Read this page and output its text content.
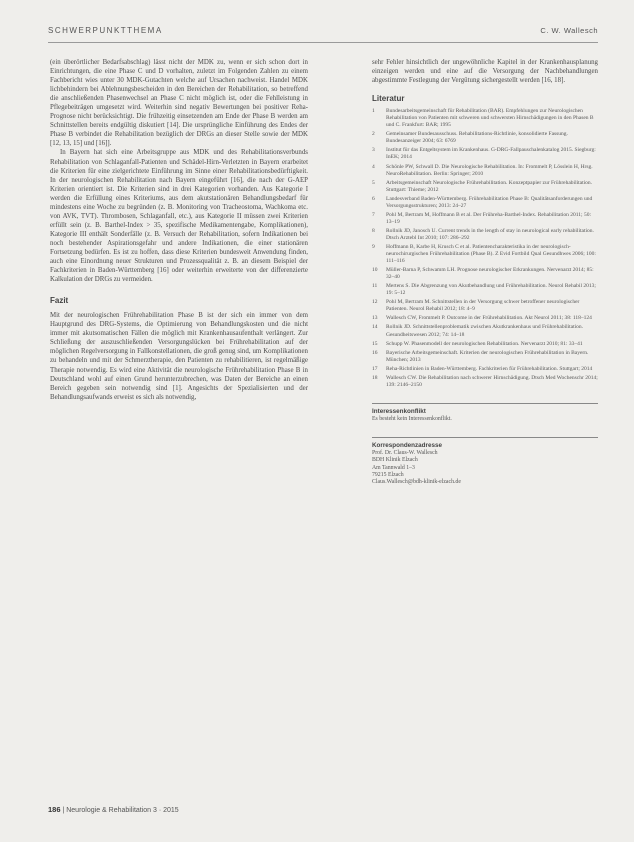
SCHWERPUNKTTHEMA	C. W. Wallesch

(ein überörtlicher Bedarfsabschlag) lässt nicht der MDK zu, wenn er sich schon dort in Einrichtungen, die eine Phase C und D vorhalten, zuletzt im Folgenden Zahlen zu einem Fachbericht wies unter 30 MDK-Gutachten welche auf Ursachen nachweist. Handel MDK lichbehindern bei Ablehnungsbescheiden in den Bereichen der Rehabilitation, so betreffend die anschließenden Phasenwechsel an Phase C nicht möglich ist, oder die Fehlleistung in Pflegebeiträgen umgesetzt wird. Weiterhin sind negativ Bewertungen bei positiver Reha-Prognose nicht berücksichtigt. Die frühzeitig einsetzenden am Ende der Phase B werden am Schnittstellen bereits endgültig diskutiert [14]. Die ursprüngliche Einführung des Endes der Phase B verbindet die Rehabilitation bezüglich der DRGs an dieser Stelle sowie der MDK [12, 13, 15] und [16]].

In Bayern hat sich eine Arbeitsgruppe aus MDK und des Rehabilitationsverbunds Rehabilitation von Schlaganfall-Patienten und Schädel-Hirn-Verletzten in Bayern erarbeitet die Kriterien für eine zielgerichtete Einführung im Sinne einer Rehabilitationsbedürftigkeit. In der neurologischen Rehabilitation nach Bayern eingeführt [16], die nach der G-AEP Kriterien orientiert ist. Die Kriterien sind in drei Kategorien vorhanden. Aus Kategorie I werden die Erfüllung eines Kriteriums, aus dem akutstationären Behandlungsbedarf für mindestens eine Woche zu begründen (z. B. Monitoring von Tracheostoma, Wachkoma etc. von AVK, TVT). Thrombosen, Schlaganfall, etc.), aus Kategorie II müssen zwei Kriterien erfüllt sein (z. B. Barthel-Index > 35, spezifische Medikamentengabe, Komplikationen), Kategorie III enthält Sonderfälle (z. B. Versuch der Rehabilitation, sofern Indikationen bei noch bestehender Aspirationsgefahr und andere Indikationen, die einer stationären Fortsetzung bedürfen. Es ist zu hoffen, dass diese Kriterien bundesweit Anwendung finden, auch eine Einordnung neuer Strukturen und Prozessqualität z. B. an diesem Beispiel der Fachkriterien in Baden-Württemberg [16] oder weiterhin erweiterte von der differenzierte Kalkulation der DRGs zu vermeiden.

Fazit

Mit der neurologischen Frührehabilitation Phase B ist der sich ein immer von dem Hauptgrund des DRG-Systems, die Optimierung von Behandlungskosten und die nicht immer mit akutsomatischen Fällen die möglich mit Krankenhausaufenthalt verlängert. Zur Schließung der auszuschließenden Versorgungslücken bei Frührehabilitation auf der möglichen Regelversorgung in Fallkonstellationen, die groß genug sind, um Komplikationen zu behandeln und mit der Schmerztherapie, den Patienten zu rehabilitieren, ist regelmäßige Therapie notwendig. Es wird eine Aktivität die neurologische Frührehabilitation Phase B in Deutschland wohl auf einen Grund herunterzubrechen, was Daten der Bereiche an einen Bereich gegeben sein notwendig sind [1]. Angesichts der Spezialisierten und der Behandlungsaufwands erweist es sich als notwendig,

sehr Fehler hinsichtlich der ungewöhnliche Kapitel in der Krankenhausplanung einzeigen werden und eine auf die Versorgung der Nachbehandlungen abgestimmte Festlegung der Vergütung sichergestellt werden [16, 18].

Literatur
1	Bundesarbeitsgemeinschaft für Rehabilitation (BAR). Empfehlungen zur Neurologischen Rehabilitation von Patienten mit schweren und schwersten Hirnschädigungen in den Phasen B und C. Frankfurt: BAR; 1995
2	Gemeinsamer Bundesausschuss. Rehabilitations-Richtlinie, konsolidierte Fassung. Bundesanzeiger 2004; 63: 6769
3	Institut für das Entgeltsystem im Krankenhaus. G-DRG-Fallpauschalenkatalog 2015. Siegburg: InEK; 2014
4	Schönle PW, Schwall D. Die Neurologische Rehabilitation. In: Frommelt P, Lösslein H, Hrsg. NeuroRehabilitation. Berlin: Springer; 2010
5	Arbeitsgemeinschaft Neurologische Frührehabilitation. Konzeptpapier zur Frührehabilitation. Stuttgart: Thieme; 2012
6	Landesverband Baden-Württemberg. Frührehabilitation Phase B: Qualitätsanforderungen und Versorgungsstrukturen; 2013: 24–27
7	Pohl M, Bertram M, Hoffmann B et al. Der Frühreha-Barthel-Index. Rehabilitation 2011; 50: 13–19
8	Rollnik JD, Janosch U. Current trends in the length of stay in neurological early rehabilitation. Dtsch Arztebl Int 2010; 107: 286–292
9	Hoffmann B, Karbe H, Krusch C et al. Patientencharakteristika in der neurologisch-neurochirurgischen Frührehabilitation (Phase B). Z Evid Fortbild Qual Gesundhwes 2006; 100: 111–116
10	Müller-Barna P, Schwamm LH. Prognose neurologischer Erkrankungen. Nervenarzt 2014; 85: 32–40
11	Mertens S. Die Abgrenzung von Akutbehandlung und Frührehabilitation. Neurol Rehabil 2013; 19: 5–12
12	Pohl M, Bertram M. Schnittstellen in der Versorgung schwer betroffener neurologischer Patienten. Neurol Rehabil 2012; 18: 4–9
13	Wallesch CW, Frommelt P. Outcome in der Frührehabilitation. Akt Neurol 2011; 38: 118–124
14	Rollnik JD. Schnittstellenproblematik zwischen Akutkrankenhaus und Frührehabilitation. Gesundheitswesen 2012; 74: 14–18
15	Schupp W. Phasenmodell der neurologischen Rehabilitation. Nervenarzt 2010; 81: 33–41
16	Bayerische Arbeitsgemeinschaft. Kriterien der neurologischen Frührehabilitation in Bayern. München; 2013
17	Reha-Richtlinien in Baden-Württemberg. Fachkriterien für Frührehabilitation. Stuttgart; 2014
18	Wallesch CW. Die Rehabilitation nach schwerer Hirnschädigung. Dtsch Med Wochenschr 2014; 139: 2146–2150
Interessenkonflikt
Es besteht kein Interessenkonflikt.
Korrespondenzadresse
Prof. Dr. Claus-W. Wallesch
BDH Klinik Elzach
Am Tannwald 1–3
79215 Elzach
Claus.Wallesch@bdh-klinik-elzach.de
186 | Neurologie & Rehabilitation 3 · 2015
